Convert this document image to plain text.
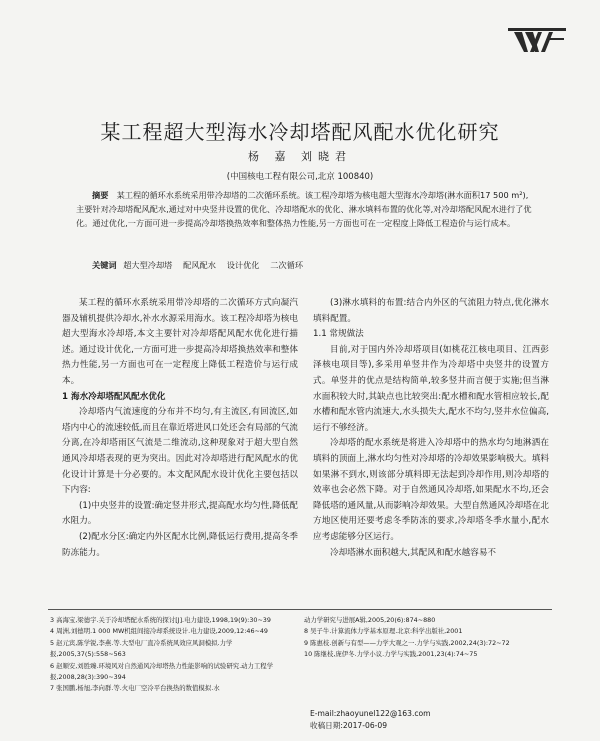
某工程超大型海水冷却塔配风配水优化研究
杨 嘉 刘晓君
(中国核电工程有限公司,北京 100840)

摘要　 某工程的循环水系统采用带冷却塔的二次循环系统。该工程冷却塔为核电超大型海水冷却塔(淋水面积17 500 m²),主要针对冷却塔配风配水,通过对中央竖井设置的优化、冷却塔配水的优化、淋水填料布置的优化等,对冷却塔配风配水进行了优化。通过优化,一方面可进一步提高冷却塔换热效率和整体热力性能,另一方面也可在一定程度上降低工程造价与运行成本。

关键词 超大型冷却塔　 配风配水　 设计优化　 二次循环

某工程的循环水系统采用带冷却塔的二次循环方式向凝汽器及辅机提供冷却水,补水水源采用海水。该工程冷却塔为核电超大型海水冷却塔,本文主要针对冷却塔配风配水优化进行描述。通过设计优化,一方面可进一步提高冷却塔换热效率和整体热力性能,另一方面也可在一定程度上降低工程造价与运行成本。

1 海水冷却塔配风配水优化

冷却塔内气流速度的分布并不均匀,有主流区,有回流区,如塔内中心的流速较低,而且在靠近塔进风口处还会有局部的气流分离,在冷却塔雨区气流是二维流动,这种现象对于超大型自然通风冷却塔表现的更为突出。因此对冷却塔进行配风配水的优化设计计算是十分必要的。本文配风配水设计优化主要包括以下内容:

(1)中央竖井的设置:确定竖井形式,提高配水均匀性,降低配水阻力。

(2)配水分区:确定内外区配水比例,降低运行费用,提高冬季防冻能力。

(3)淋水填料的布置:结合内外区的气流阻力特点,优化淋水填料配置。

1.1 常规做法

目前,对于国内外冷却塔项目(如桃花江核电项目、江西彭泽核电项目等),多采用单竖井作为冷却塔中央竖井的设置方式。单竖井的优点是结构简单,较多竖井而言便于实施;但当淋水面积较大时,其缺点也比较突出:配水槽和配水管相应较长,配水槽和配水管内流速大,水头损失大,配水不均匀,竖井水位偏高,运行不够经济。

冷却塔的配水系统是将进入冷却塔中的热水均匀地淋洒在填料的顶面上,淋水均匀性对冷却塔的冷却效果影响极大。填料如果淋不到水,则该部分填料即无法起到冷却作用,则冷却塔的效率也会必然下降。对于自然通风冷却塔,如果配水不均,还会降低塔的通风量,从而影响冷却效果。大型自然通风冷却塔在北方地区使用还要考虑冬季防冻的要求,冷却塔冬季水量小,配水应考虑能够分区运行。

冷却塔淋水面积越大,其配风和配水越容易不

3 高海宝,梁德宇.关于冷却塔配水系统的探讨[J].电力建设,1998,19(9):30~39

4 周洲,刘德明.1 000 MW机组间接冷却系统设计.电力建设,2009,12:46~49

5 赵元宾,陈学锐,李燕.等.大型电厂直冷系统风效应风洞模拟.力学报,2005,37(5):558~563

6 赵顺安,刘胜臻.环境风对自然通风冷却塔热力性能影响的试验研究.动力工程学报,2008,28(3):390~394

7 张国鹏,杨旭,李向群.等.火电厂空冷平台换热的数值模拟.水

动力学研究与进展A辑,2005,20(6):874~880

8 吴子牛.计算流体力学基本原理.北京:科学出版社,2001

9 陈惠枝.创新与有型——力学大观之一.力学与实践,2002,24(3):72~72

10 陈继枝,庞伊冬.力学小议.力学与实践,2001,23(4):74~75

E-mail:zhaoyunel122@163.com
收稿日期:2017-06-09
